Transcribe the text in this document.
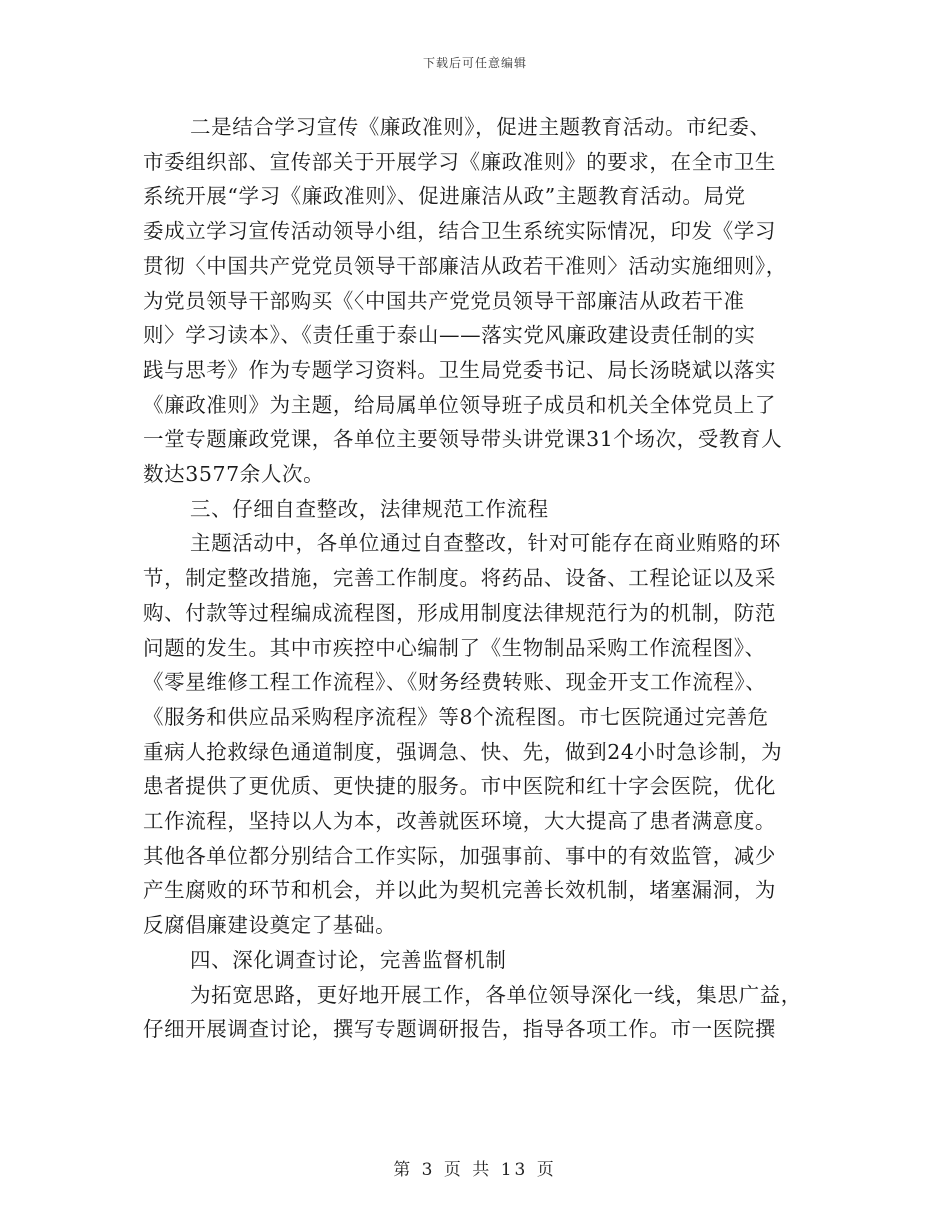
下载后可任意编辑
二是结合学习宣传《廉政准则》，促进主题教育活动。市纪委、
市委组织部、宣传部关于开展学习《廉政准则》的要求，在全市卫生
系统开展“学习《廉政准则》、促进廉洁从政”主题教育活动。局党
委成立学习宣传活动领导小组，结合卫生系统实际情况，印发《学习
贯彻〈中国共产党党员领导干部廉洁从政若干准则〉活动实施细则》，
为党员领导干部购买《〈中国共产党党员领导干部廉洁从政若干准
则〉学习读本》、《责任重于泰山——落实党风廉政建设责任制的实
践与思考》作为专题学习资料。卫生局党委书记、局长汤晓斌以落实
《廉政准则》为主题，给局属单位领导班子成员和机关全体党员上了
一堂专题廉政党课，各单位主要领导带头讲党课31个场次，受教育人
数达3577余人次。
三、仔细自查整改，法律规范工作流程
主题活动中，各单位通过自查整改，针对可能存在商业贿赂的环
节，制定整改措施，完善工作制度。将药品、设备、工程论证以及采
购、付款等过程编成流程图，形成用制度法律规范行为的机制，防范
问题的发生。其中市疾控中心编制了《生物制品采购工作流程图》、
《零星维修工程工作流程》、《财务经费转账、现金开支工作流程》、
《服务和供应品采购程序流程》等8个流程图。市七医院通过完善危
重病人抢救绿色通道制度，强调急、快、先，做到24小时急诊制，为
患者提供了更优质、更快捷的服务。市中医院和红十字会医院，优化
工作流程，坚持以人为本，改善就医环境，大大提高了患者满意度。
其他各单位都分别结合工作实际，加强事前、事中的有效监管，减少
产生腐败的环节和机会，并以此为契机完善长效机制，堵塞漏洞，为
反腐倡廉建设奠定了基础。
四、深化调查讨论，完善监督机制
为拓宽思路，更好地开展工作，各单位领导深化一线，集思广益，
仔细开展调查讨论，撰写专题调研报告，指导各项工作。市一医院撰
第 3 页 共 13 页
